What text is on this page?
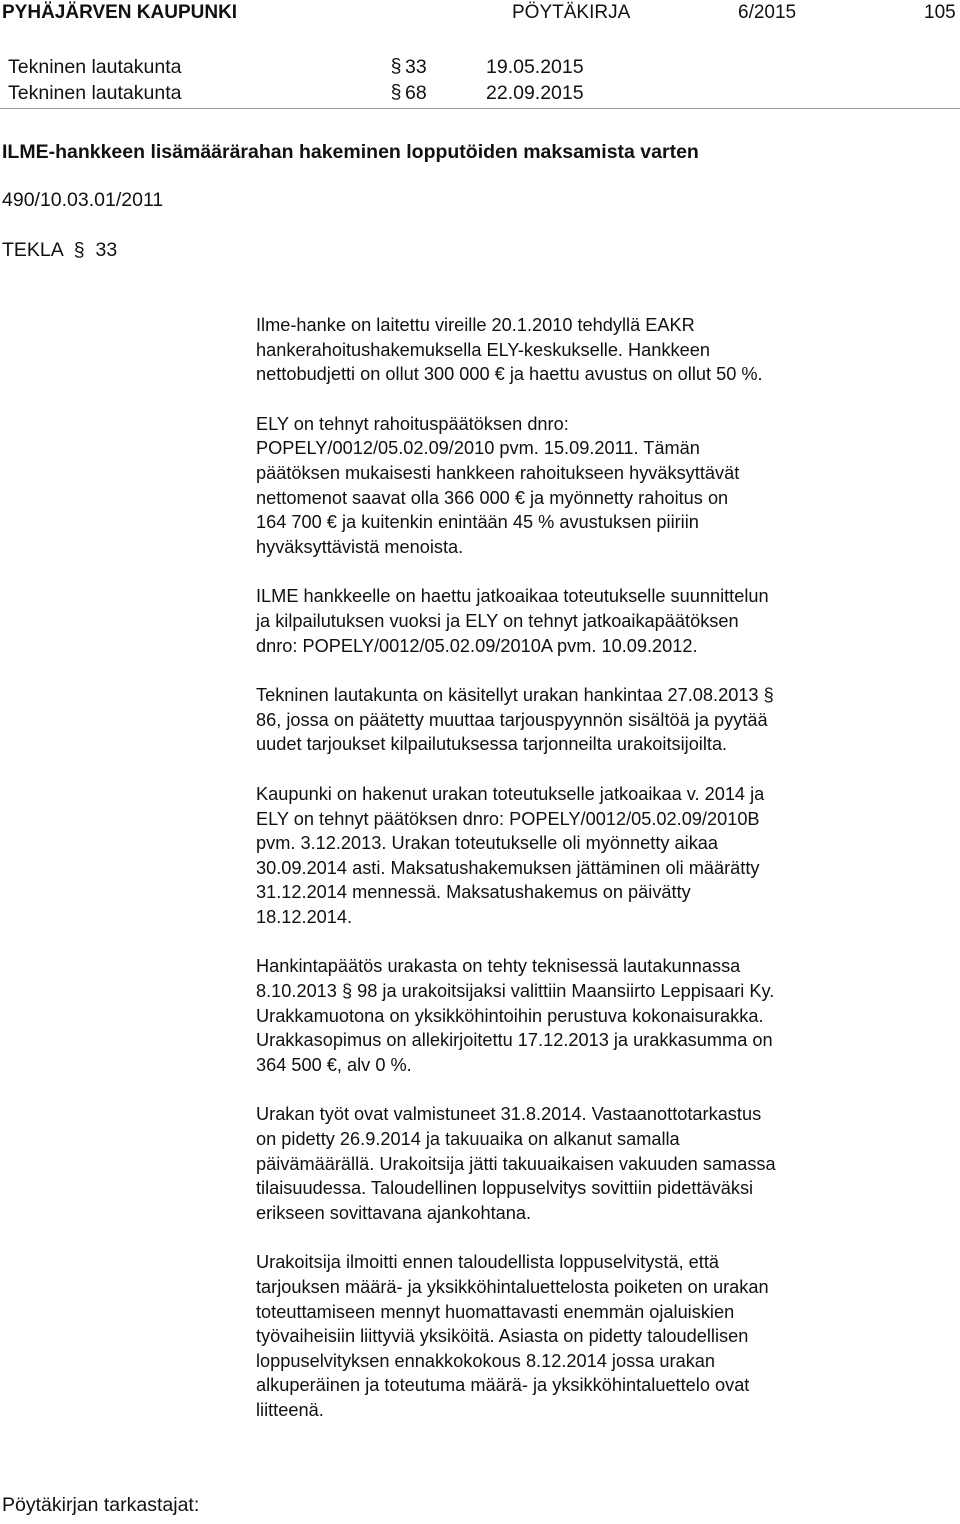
PYHÄJÄRVEN KAUPUNKI	PÖYTÄKIRJA	6/2015	105
Tekninen lautakunta	§ 33	19.05.2015
Tekninen lautakunta	§ 68	22.09.2015
ILME-hankkeen lisämäärärahan hakeminen lopputöiden maksamista varten
490/10.03.01/2011
TEKLA § 33

Ilme-hanke on laitettu vireille 20.1.2010 tehdyllä EAKR
hankerahoitushakemuksella ELY-keskukselle. Hankkeen
nettobudjetti on ollut 300 000 € ja haettu avustus on ollut 50 %.

ELY on tehnyt rahoituspäätöksen dnro:
POPELY/0012/05.02.09/2010 pvm. 15.09.2011. Tämän
päätöksen mukaisesti hankkeen rahoitukseen hyväksyttävät
nettomenot saavat olla 366 000 € ja myönnetty rahoitus on
164 700 € ja kuitenkin enintään 45 % avustuksen piiriin
hyväksyttävistä menoista.

ILME hankkeelle on haettu jatkoaikaa toteutukselle suunnittelun
ja kilpailutuksen vuoksi ja ELY on tehnyt jatkoaikapäätöksen
dnro: POPELY/0012/05.02.09/2010A pvm. 10.09.2012.

Tekninen lautakunta on käsitellyt urakan hankintaa 27.08.2013 §
86, jossa on päätetty muuttaa tarjouspyynnön sisältöä ja pyytää
uudet tarjoukset kilpailutuksessa tarjonneilta urakoitsijoilta.

Kaupunki on hakenut urakan toteutukselle jatkoaikaa v. 2014 ja
ELY on tehnyt päätöksen dnro: POPELY/0012/05.02.09/2010B
pvm. 3.12.2013. Urakan toteutukselle oli myönnetty aikaa
30.09.2014 asti. Maksatushakemuksen jättäminen oli määrätty
31.12.2014 mennessä. Maksatushakemus on päivätty
18.12.2014.

Hankintapäätös urakasta on tehty teknisessä lautakunnassa
8.10.2013 § 98 ja urakoitsijaksi valittiin Maansiirto Leppisaari Ky.
Urakkamuotona on yksikköhintoihin perustuva kokonaisurakka.
Urakkasopimus on allekirjoitettu 17.12.2013 ja urakkasumma on
364 500 €, alv 0 %.

Urakan työt ovat valmistuneet 31.8.2014. Vastaanottotarkastus
on pidetty 26.9.2014 ja takuuaika on alkanut samalla
päivämäärällä. Urakoitsija jätti takuuaikaisen vakuuden samassa
tilaisuudessa. Taloudellinen loppuselvitys sovittiin pidettäväksi
erikseen sovittavana ajankohtana.

Urakoitsija ilmoitti ennen taloudellista loppuselvitystä, että
tarjouksen määrä- ja yksikköhintaluettelosta poiketen on urakan
toteuttamiseen mennyt huomattavasti enemmän ojaluiskien
työvaiheisiin liittyviä yksiköitä. Asiasta on pidetty taloudellisen
loppuselvityksen ennakkokokous 8.12.2014 jossa urakan
alkuperäinen ja toteutuma määrä- ja yksikköhintaluettelo ovat
liitteenä.

Pöytäkirjan tarkastajat:
